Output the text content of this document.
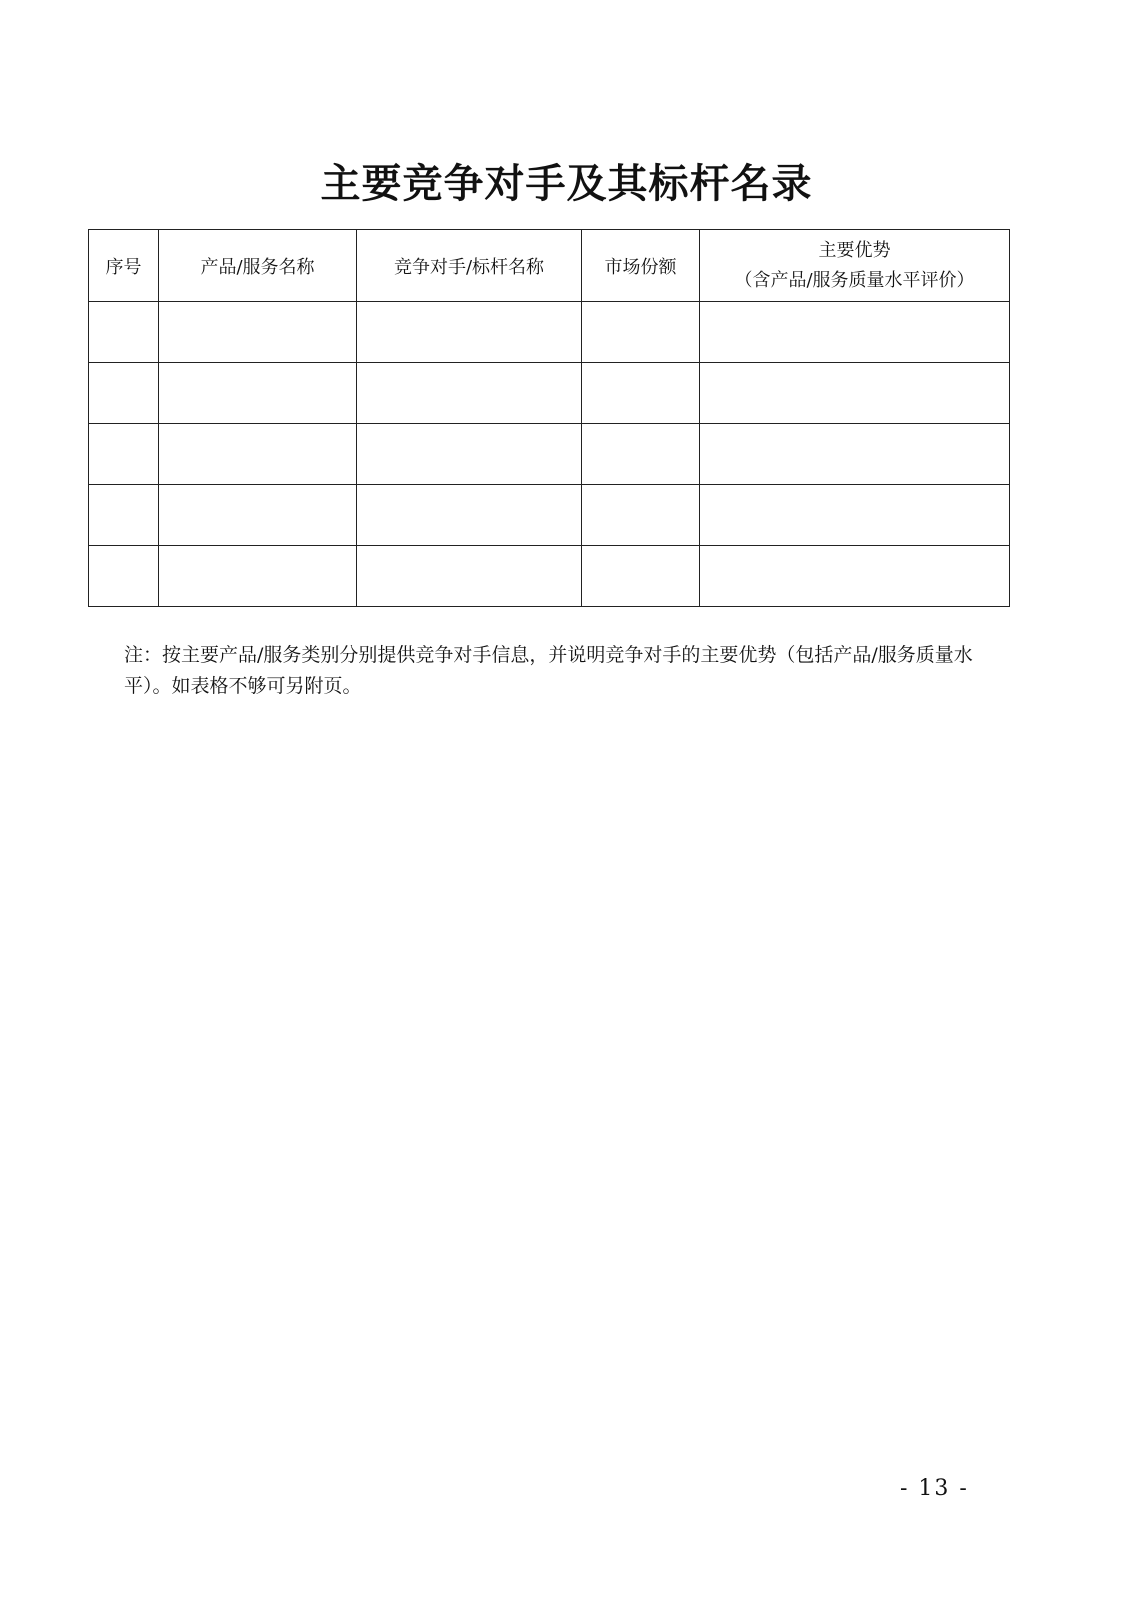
主要竞争对手及其标杆名录
序号	产品/服务名称	竞争对手/标杆名称	市场份额	主要优势
（含产品/服务质量水平评价）

注：按主要产品/服务类别分别提供竞争对手信息，并说明竞争对手的主要优势（包括产品/服务质量水平）。如表格不够可另附页。

- 13 -
